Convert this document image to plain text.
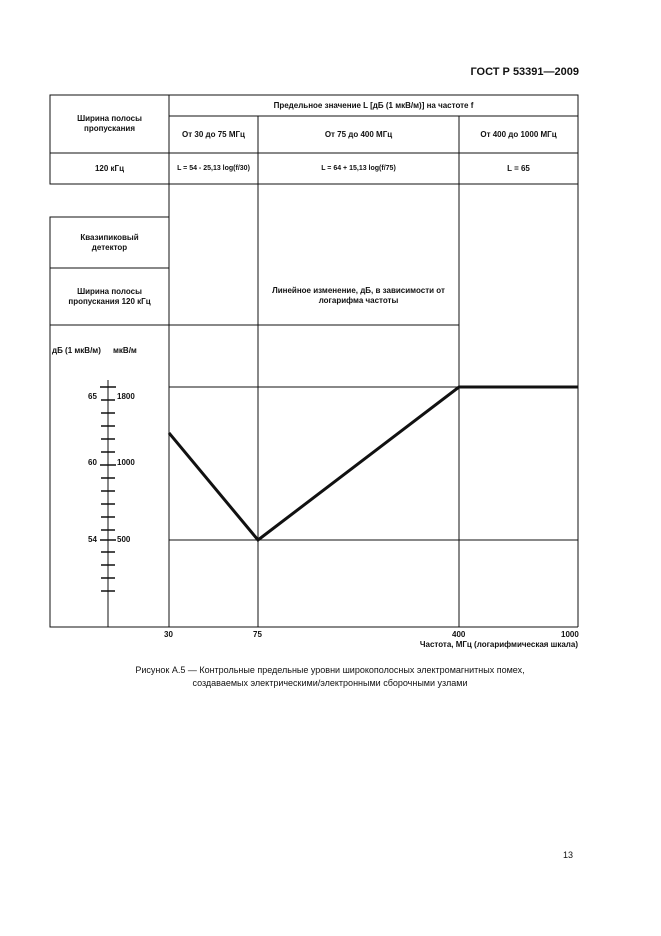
ГОСТ Р 53391—2009
Ширина полосы пропускания
Предельное значение L [дБ (1 мкВ/м)] на частоте f
От 30 до 75 МГц	От 75 до 400 МГц	От 400 до 1000 МГц
120 кГц	L = 54 - 25,13 log(f/30)	L = 64 + 15,13 log(f/75)	L = 65
Квазипиковый детектор
Ширина полосы пропускания 120 кГц
дБ (1 мкВ/м) мкВ/м
65
60
54
1800
1000
500
Линейное изменение, дБ, в зависимости от логарифма частоты
30	75	400	1000
Частота, МГц (логарифмическая шкала)
Рисунок А.5 — Контрольные предельные уровни широкополосных электромагнитных помех,
создаваемых электрическими/электронными сборочными узлами
13
